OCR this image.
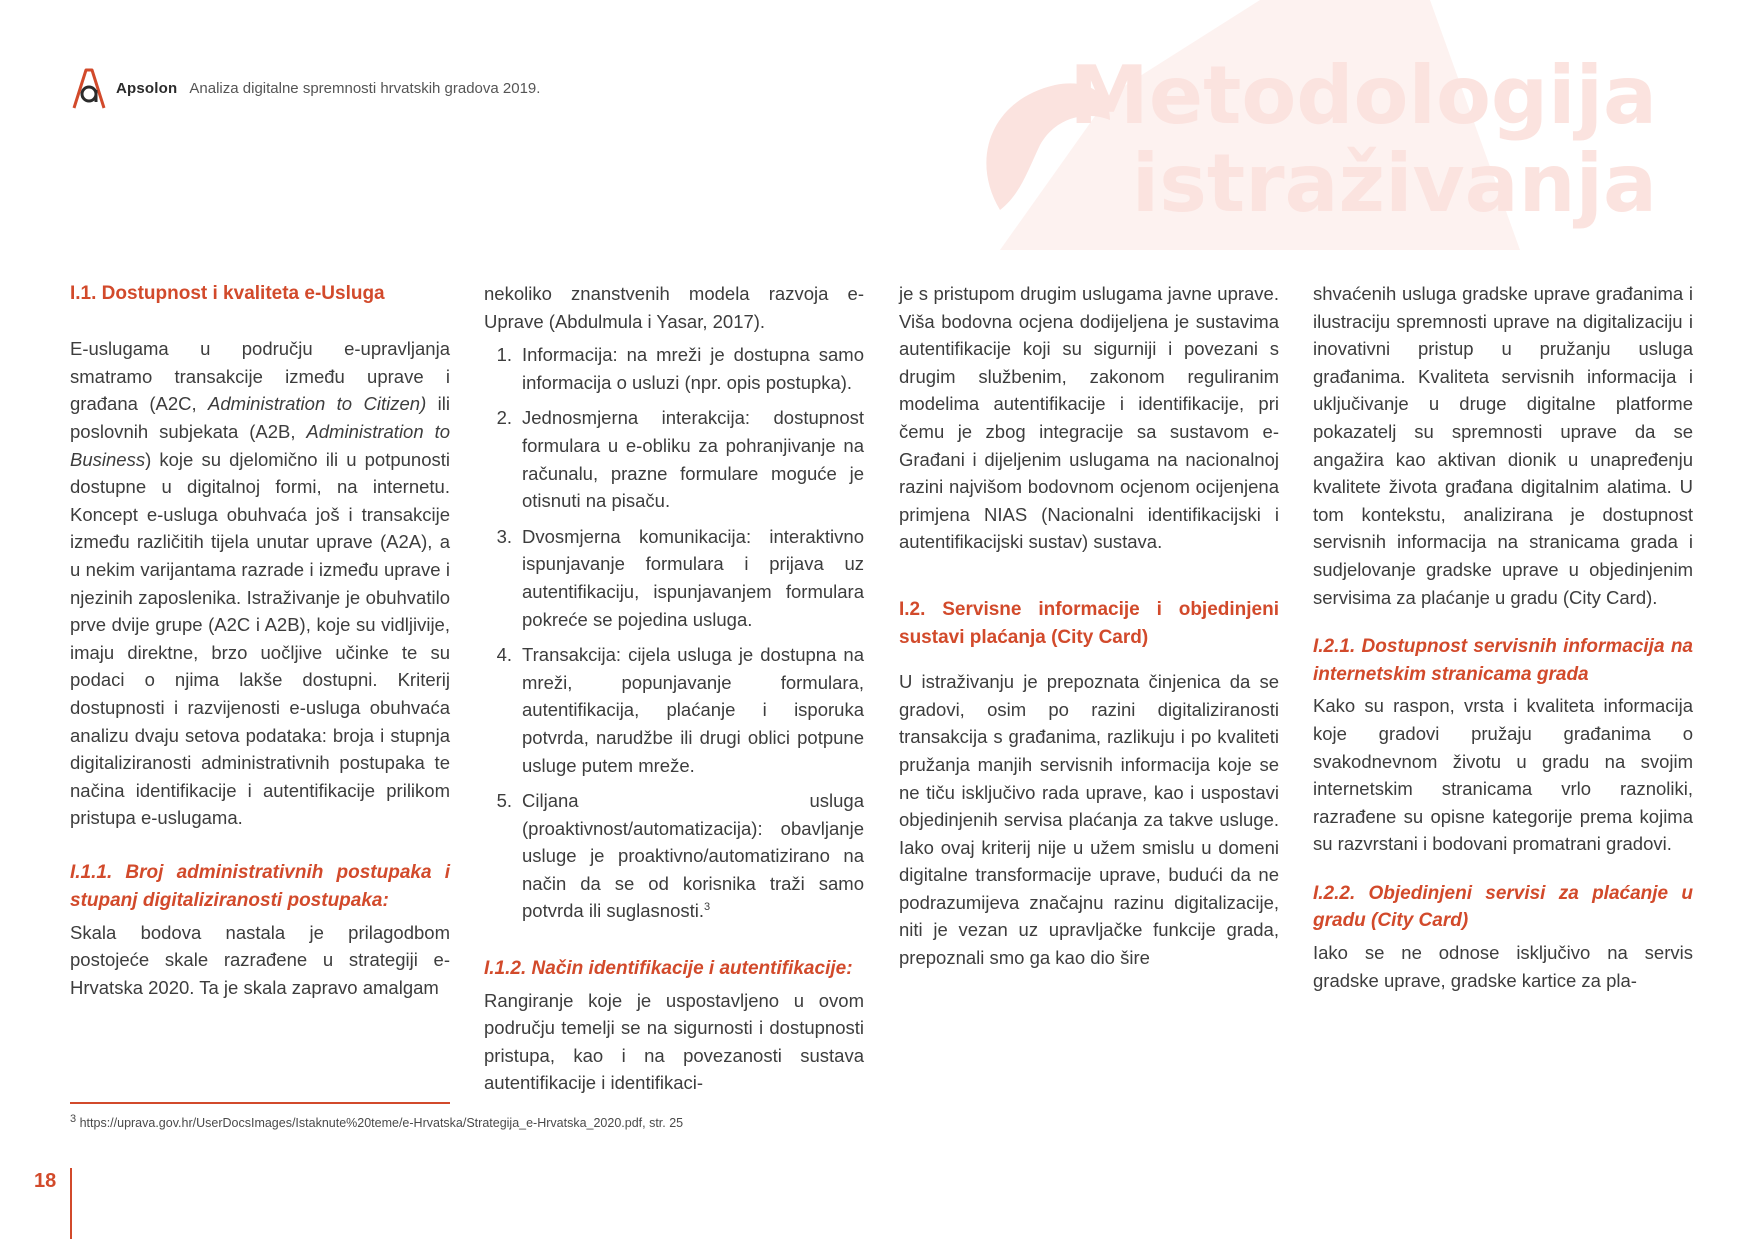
Apsolon Analiza digitalne spremnosti hrvatskih gradova 2019.	Metodologija
istraživanja

I.1. Dostupnost i kvaliteta e-Usluga

E-uslugama u području e-upravljanja smatramo transakcije između uprave i građana (A2C, Administration to Citizen) ili poslovnih subjekata (A2B, Administration to Business) koje su djelomično ili u potpunosti dostupne u digitalnoj formi, na internetu. Koncept e-usluga obuhvaća još i transakcije između različitih tijela unutar uprave (A2A), a u nekim varijantama razrade i između uprave i njezinih zaposlenika. Istraživanje je obuhvatilo prve dvije grupe (A2C i A2B), koje su vidljivije, imaju direktne, brzo uočljive učinke te su podaci o njima lakše dostupni. Kriterij dostupnosti i razvijenosti e-usluga obuhvaća analizu dvaju setova podataka: broja i stupnja digitaliziranosti administrativnih postupaka te načina identifikacije i autentifikacije prilikom pristupa e-uslugama.

I.1.1. Broj administrativnih postupaka i stupanj digitaliziranosti postupaka:

Skala bodova nastala je prilagodbom postojeće skale razrađene u strategiji e-Hrvatska 2020. Ta je skala zapravo amalgam

nekoliko znanstvenih modela razvoja e-Uprave (Abdulmula i Yasar, 2017).

1. Informacija: na mreži je dostupna samo informacija o usluzi (npr. opis postupka).
2. Jednosmjerna interakcija: dostupnost formulara u e-obliku za pohranjivanje na računalu, prazne formulare moguće je otisnuti na pisaču.
3. Dvosmjerna komunikacija: interaktivno ispunjavanje formulara i prijava uz autentifikaciju, ispunjavanjem formulara pokreće se pojedina usluga.
4. Transakcija: cijela usluga je dostupna na mreži, popunjavanje formulara, autentifikacija, plaćanje i isporuka potvrda, narudžbe ili drugi oblici potpune usluge putem mreže.
5. Ciljana usluga (proaktivnost/automatizacija): obavljanje usluge je proaktivno/automatizirano na način da se od korisnika traži samo potvrda ili suglasnosti.$^3$

I.1.2. Način identifikacije i autentifikacije:

Rangiranje koje je uspostavljeno u ovom području temelji se na sigurnosti i dostupnosti pristupa, kao i na povezanosti sustava autentifikacije i identifikaci-

je s pristupom drugim uslugama javne uprave. Viša bodovna ocjena dodijeljena je sustavima autentifikacije koji su sigurniji i povezani s drugim službenim, zakonom reguliranim modelima autentifikacije i identifikacije, pri čemu je zbog integracije sa sustavom e-Građani i dijeljenim uslugama na nacionalnoj razini najvišom bodovnom ocjenom ocijenjena primjena NIAS (Nacionalni identifikacijski i autentifikacijski sustav) sustava.

I.2. Servisne informacije i objedinjeni sustavi plaćanja (City Card)

U istraživanju je prepoznata činjenica da se gradovi, osim po razini digitaliziranosti transakcija s građanima, razlikuju i po kvaliteti pružanja manjih servisnih informacija koje se ne tiču isključivo rada uprave, kao i uspostavi objedinjenih servisa plaćanja za takve usluge. Iako ovaj kriterij nije u užem smislu u domeni digitalne transformacije uprave, budući da ne podrazumijeva značajnu razinu digitalizacije, niti je vezan uz upravljačke funkcije grada, prepoznali smo ga kao dio šire

shvaćenih usluga gradske uprave građanima i ilustraciju spremnosti uprave na digitalizaciju i inovativni pristup u pružanju usluga građanima. Kvaliteta servisnih informacija i uključivanje u druge digitalne platforme pokazatelj su spremnosti uprave da se angažira kao aktivan dionik u unapređenju kvalitete života građana digitalnim alatima. U tom kontekstu, analizirana je dostupnost servisnih informacija na stranicama grada i sudjelovanje gradske uprave u objedinjenim servisima za plaćanje u gradu (City Card).

I.2.1. Dostupnost servisnih informacija na internetskim stranicama grada

Kako su raspon, vrsta i kvaliteta informacija koje gradovi pružaju građanima o svakodnevnom životu u gradu na svojim internetskim stranicama vrlo raznoliki, razrađene su opisne kategorije prema kojima su razvrstani i bodovani promatrani gradovi.

I.2.2. Objedinjeni servisi za plaćanje u gradu (City Card)

Iako se ne odnose isključivo na servis gradske uprave, gradske kartice za pla-

$^3$ https://uprava.gov.hr/UserDocsImages/Istaknute%20teme/e-Hrvatska/Strategija_e-Hrvatska_2020.pdf, str. 25
18
